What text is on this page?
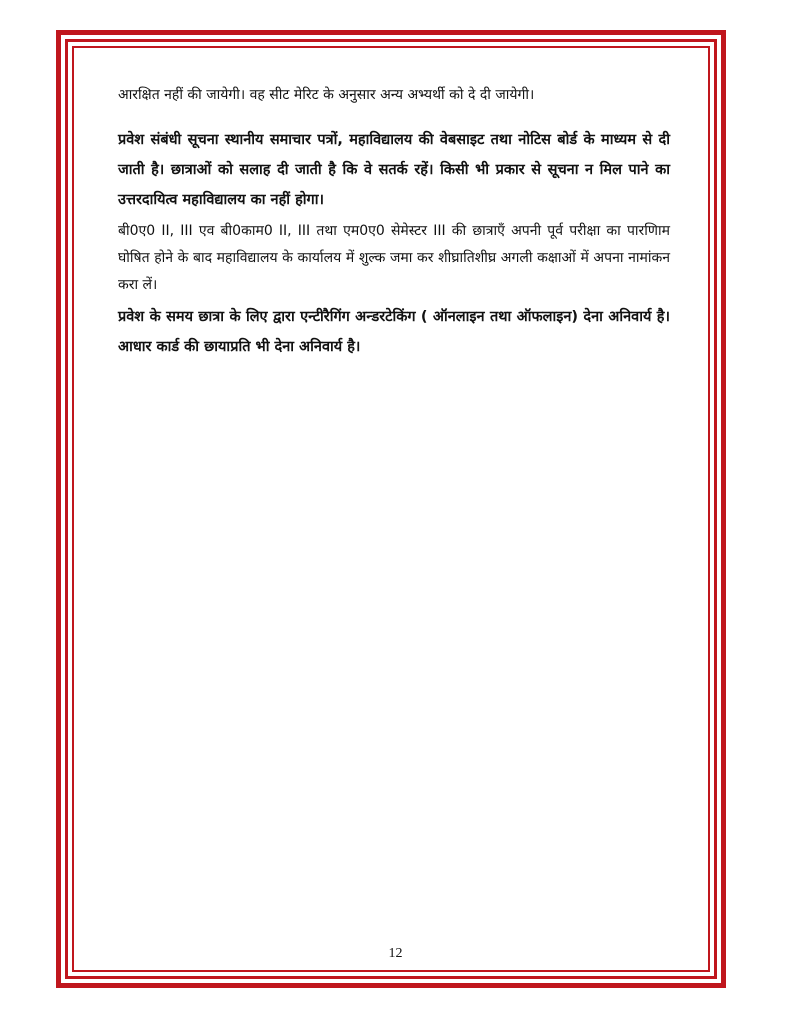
आरक्षित नहीं की जायेगी। वह सीट मेरिट के अनुसार अन्य अभ्यर्थी को दे दी जायेगी।

प्रवेश संबंधी सूचना स्थानीय समाचार पत्रों, महाविद्यालय की वेबसाइट तथा नोटिस बोर्ड के माध्यम से दी जाती है। छात्राओं को सलाह दी जाती है कि वे सतर्क रहें। किसी भी प्रकार से सूचना न मिल पाने का उत्तरदायित्व महाविद्यालय का नहीं होगा।

बी0ए0 II, III एव बी0काम0 II, III तथा एम0ए0 सेमेस्टर III की छात्राएँ अपनी पूर्व परीक्षा का पारणिाम घोषित होने के बाद महाविद्यालय के कार्यालय में शुल्क जमा कर शीघ्रातिशीघ्र अगली कक्षाओं में अपना नामांकन करा लें।

प्रवेश के समय छात्रा के लिए द्वारा एन्टीरैगिंग अन्डरटेकिंग ( ऑनलाइन तथा ऑफलाइन) देना अनिवार्य है। आधार कार्ड की छायाप्रति भी देना अनिवार्य है।

12
